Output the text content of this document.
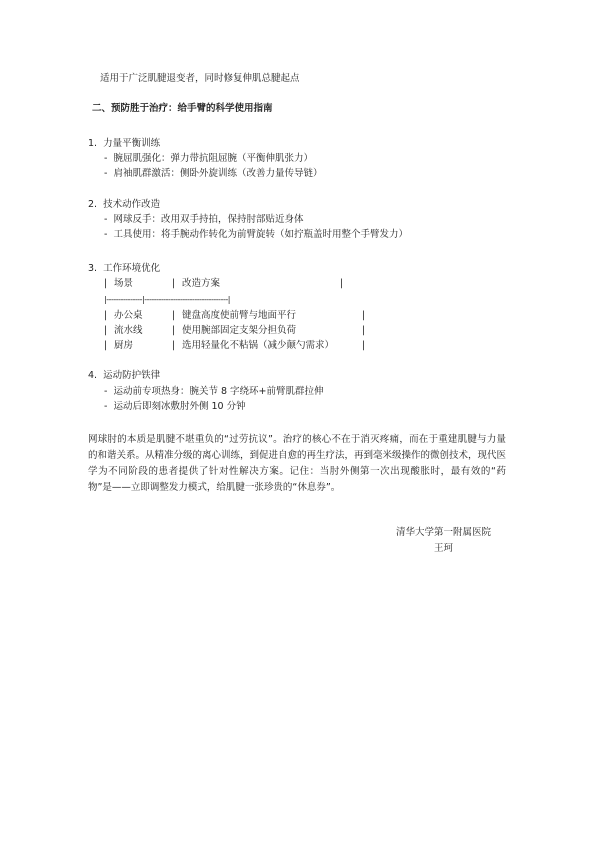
适用于广泛肌腱退变者，同时修复伸肌总腱起点
二、预防胜于治疗：给手臂的科学使用指南
1.  力量平衡训练
-  腕屈肌强化：弹力带抗阻屈腕（平衡伸肌张力）
-  肩袖肌群激活：侧卧外旋训练（改善力量传导链）
2.  技术动作改造
-  网球反手：改用双手持拍，保持肘部贴近身体
-  工具使用：将手腕动作转化为前臂旋转（如拧瓶盖时用整个手臂发力）
3.  工作环境优化
| 场景	| 改造方案	|
|---------------|-----------------------------------|
| 办公桌	| 键盘高度使前臂与地面平行	|
| 流水线	| 使用腕部固定支架分担负荷	|
| 厨房	| 选用轻量化不粘锅（减少颠勺需求）	|
4.  运动防护铁律
-  运动前专项热身：腕关节 8 字绕环+前臂肌群拉伸
-  运动后即刻冰敷肘外侧 10 分钟
网球肘的本质是肌腱不堪重负的“过劳抗议”。治疗的核心不在于消灭疼痛，而在于重建肌腱与力量的和谐关系。从精准分级的离心训练，到促进自愈的再生疗法，再到毫米级操作的微创技术，现代医学为不同阶段的患者提供了针对性解决方案。记住：当肘外侧第一次出现酸胀时，最有效的“药物”是——立即调整发力模式，给肌腱一张珍贵的“休息券”。
清华大学第一附属医院
王珂
